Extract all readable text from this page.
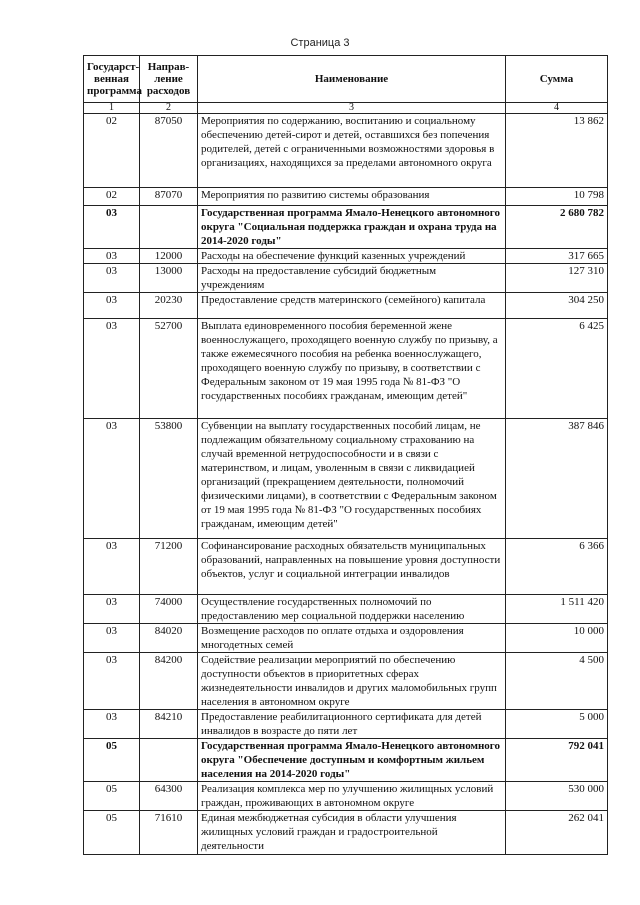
Страница 3
Государст-венная программа	Направ-ление расходов	Наименование	Сумма
1	2	3	4
02	87050	Мероприятия по содержанию, воспитанию и социальному обеспечению детей-сирот и детей, оставшихся без попечения родителей, детей с ограниченными возможностями здоровья в организациях, находящихся за пределами автономного округа	13 862
02	87070	Мероприятия по развитию системы образования	10 798
03		Государственная программа Ямало-Ненецкого автономного округа "Социальная поддержка граждан и охрана труда на 2014-2020 годы"	2 680 782
03	12000	Расходы на обеспечение функций казенных учреждений	317 665
03	13000	Расходы на предоставление субсидий бюджетным учреждениям	127 310
03	20230	Предоставление средств материнского (семейного) капитала	304 250
03	52700	Выплата единовременного пособия беременной жене военнослужащего, проходящего военную службу по призыву, а также ежемесячного пособия на ребенка военнослужащего, проходящего военную службу по призыву, в соответствии с Федеральным законом от 19 мая 1995 года № 81-ФЗ "О государственных пособиях гражданам, имеющим детей"	6 425
03	53800	Субвенции на выплату государственных пособий лицам, не подлежащим обязательному социальному страхованию на случай временной нетрудоспособности и в связи с материнством, и лицам, уволенным в связи с ликвидацией организаций (прекращением деятельности, полномочий физическими лицами), в соответствии с Федеральным законом от 19 мая 1995 года № 81-ФЗ "О государственных пособиях гражданам, имеющим детей"	387 846
03	71200	Софинансирование расходных обязательств муниципальных образований, направленных на повышение уровня доступности объектов, услуг и социальной интеграции инвалидов	6 366
03	74000	Осуществление государственных полномочий по предоставлению мер социальной поддержки населению	1 511 420
03	84020	Возмещение расходов по оплате отдыха и оздоровления многодетных семей	10 000
03	84200	Содействие реализации мероприятий по обеспечению доступности объектов в приоритетных сферах жизнедеятельности инвалидов и других маломобильных групп населения в автономном округе	4 500
03	84210	Предоставление реабилитационного сертификата для детей инвалидов в возрасте до пяти лет	5 000
05		Государственная программа Ямало-Ненецкого автономного округа "Обеспечение доступным и комфортным жильем населения на 2014-2020 годы"	792 041
05	64300	Реализация комплекса мер по улучшению жилищных условий граждан, проживающих в автономном округе	530 000
05	71610	Единая межбюджетная субсидия в области улучшения жилищных условий граждан и градостроительной деятельности	262 041
